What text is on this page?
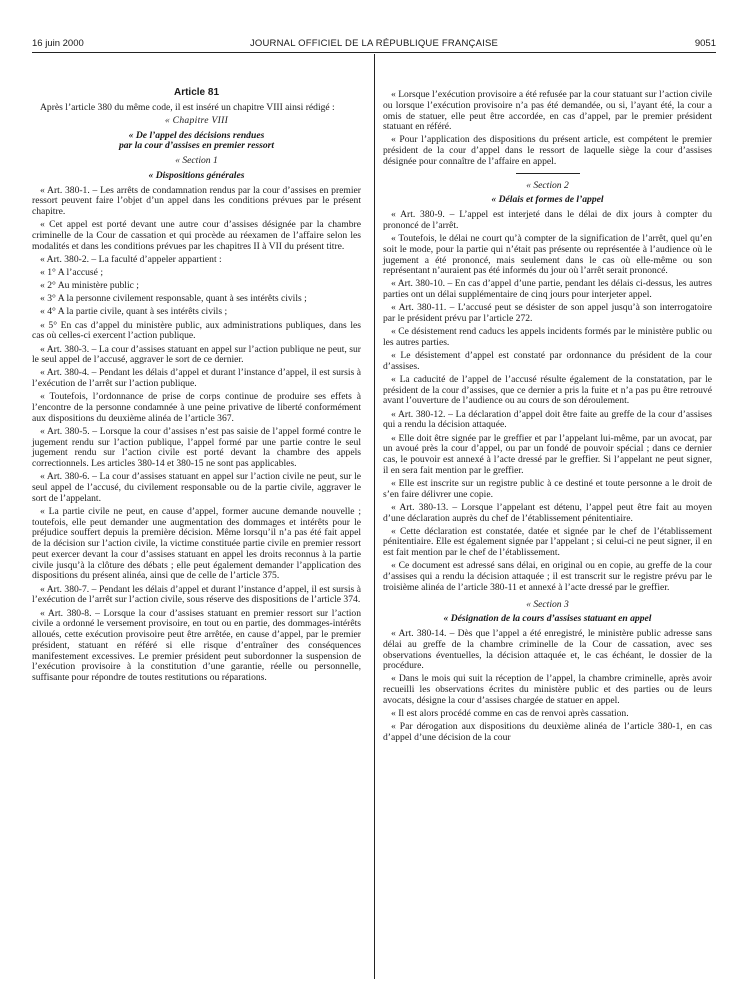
16 juin 2000	JOURNAL OFFICIEL DE LA RÉPUBLIQUE FRANÇAISE	9051
Article 81

Après l’article 380 du même code, il est inséré un chapitre VIII ainsi rédigé :

« Chapitre VIII

« De l’appel des décisions rendues

par la cour d’assises en premier ressort

« Section 1

« Dispositions générales

« Art. 380-1. – Les arrêts de condamnation rendus par la cour d’assises en premier ressort peuvent faire l’objet d’un appel dans les conditions prévues par le présent chapitre.

« Cet appel est porté devant une autre cour d’assises désignée par la chambre criminelle de la Cour de cassation et qui procède au réexamen de l’affaire selon les modalités et dans les conditions prévues par les chapitres II à VII du présent titre.

« Art. 380-2. – La faculté d’appeler appartient :

« 1° A l’accusé ;

« 2° Au ministère public ;

« 3° A la personne civilement responsable, quant à ses intérêts civils ;

« 4° A la partie civile, quant à ses intérêts civils ;

« 5° En cas d’appel du ministère public, aux administrations publiques, dans les cas où celles-ci exercent l’action publique.

« Art. 380-3. – La cour d’assises statuant en appel sur l’action publique ne peut, sur le seul appel de l’accusé, aggraver le sort de ce dernier.

« Art. 380-4. – Pendant les délais d’appel et durant l’instance d’appel, il est sursis à l’exécution de l’arrêt sur l’action publique.

« Toutefois, l’ordonnance de prise de corps continue de produire ses effets à l’encontre de la personne condamnée à une peine privative de liberté conformément aux dispositions du deuxième alinéa de l’article 367.

« Art. 380-5. – Lorsque la cour d’assises n’est pas saisie de l’appel formé contre le jugement rendu sur l’action publique, l’appel formé par une partie contre le seul jugement rendu sur l’action civile est porté devant la chambre des appels correctionnels. Les articles 380-14 et 380-15 ne sont pas applicables.

« Art. 380-6. – La cour d’assises statuant en appel sur l’action civile ne peut, sur le seul appel de l’accusé, du civilement responsable ou de la partie civile, aggraver le sort de l’appelant.

« La partie civile ne peut, en cause d’appel, former aucune demande nouvelle ; toutefois, elle peut demander une augmentation des dommages et intérêts pour le préjudice souffert depuis la première décision. Même lorsqu’il n’a pas été fait appel de la décision sur l’action civile, la victime constituée partie civile en premier ressort peut exercer devant la cour d’assises statuant en appel les droits reconnus à la partie civile jusqu’à la clôture des débats ; elle peut également demander l’application des dispositions du présent alinéa, ainsi que de celle de l’article 375.

« Art. 380-7. – Pendant les délais d’appel et durant l’instance d’appel, il est sursis à l’exécution de l’arrêt sur l’action civile, sous réserve des dispositions de l’article 374.

« Art. 380-8. – Lorsque la cour d’assises statuant en premier ressort sur l’action civile a ordonné le versement provisoire, en tout ou en partie, des dommages-intérêts alloués, cette exécution provisoire peut être arrêtée, en cause d’appel, par le premier président, statuant en référé si elle risque d’entraîner des conséquences manifestement excessives. Le premier président peut subordonner la suspension de l’exécution provisoire à la constitution d’une garantie, réelle ou personnelle, suffisante pour répondre de toutes restitutions ou réparations.

« Lorsque l’exécution provisoire a été refusée par la cour statuant sur l’action civile ou lorsque l’exécution provisoire n’a pas été demandée, ou si, l’ayant été, la cour a omis de statuer, elle peut être accordée, en cas d’appel, par le premier président statuant en référé.

« Pour l’application des dispositions du présent article, est compétent le premier président de la cour d’appel dans le ressort de laquelle siège la cour d’assises désignée pour connaître de l’affaire en appel.

« Section 2

« Délais et formes de l’appel

« Art. 380-9. – L’appel est interjeté dans le délai de dix jours à compter du prononcé de l’arrêt.

« Toutefois, le délai ne court qu’à compter de la signification de l’arrêt, quel qu’en soit le mode, pour la partie qui n’était pas présente ou représentée à l’audience où le jugement a été prononcé, mais seulement dans le cas où elle-même ou son représentant n’auraient pas été informés du jour où l’arrêt serait prononcé.

« Art. 380-10. – En cas d’appel d’une partie, pendant les délais ci-dessus, les autres parties ont un délai supplémentaire de cinq jours pour interjeter appel.

« Art. 380-11. – L’accusé peut se désister de son appel jusqu’à son interrogatoire par le président prévu par l’article 272.

« Ce désistement rend caducs les appels incidents formés par le ministère public ou les autres parties.

« Le désistement d’appel est constaté par ordonnance du président de la cour d’assises.

« La caducité de l’appel de l’accusé résulte également de la constatation, par le président de la cour d’assises, que ce dernier a pris la fuite et n’a pas pu être retrouvé avant l’ouverture de l’audience ou au cours de son déroulement.

« Art. 380-12. – La déclaration d’appel doit être faite au greffe de la cour d’assises qui a rendu la décision attaquée.

« Elle doit être signée par le greffier et par l’appelant lui-même, par un avocat, par un avoué près la cour d’appel, ou par un fondé de pouvoir spécial ; dans ce dernier cas, le pouvoir est annexé à l’acte dressé par le greffier. Si l’appelant ne peut signer, il en sera fait mention par le greffier.

« Elle est inscrite sur un registre public à ce destiné et toute personne a le droit de s’en faire délivrer une copie.

« Art. 380-13. – Lorsque l’appelant est détenu, l’appel peut être fait au moyen d’une déclaration auprès du chef de l’établissement pénitentiaire.

« Cette déclaration est constatée, datée et signée par le chef de l’établissement pénitentiaire. Elle est également signée par l’appelant ; si celui-ci ne peut signer, il en est fait mention par le chef de l’établissement.

« Ce document est adressé sans délai, en original ou en copie, au greffe de la cour d’assises qui a rendu la décision attaquée ; il est transcrit sur le registre prévu par le troisième alinéa de l’article 380-11 et annexé à l’acte dressé par le greffier.

« Section 3

« Désignation de la cours d’assises statuant en appel

« Art. 380-14. – Dès que l’appel a été enregistré, le ministère public adresse sans délai au greffe de la chambre criminelle de la Cour de cassation, avec ses observations éventuelles, la décision attaquée et, le cas échéant, le dossier de la procédure.

« Dans le mois qui suit la réception de l’appel, la chambre criminelle, après avoir recueilli les observations écrites du ministère public et des parties ou de leurs avocats, désigne la cour d’assises chargée de statuer en appel.

« Il est alors procédé comme en cas de renvoi après cassation.

« Par dérogation aux dispositions du deuxième alinéa de l’article 380-1, en cas d’appel d’une décision de la cour
